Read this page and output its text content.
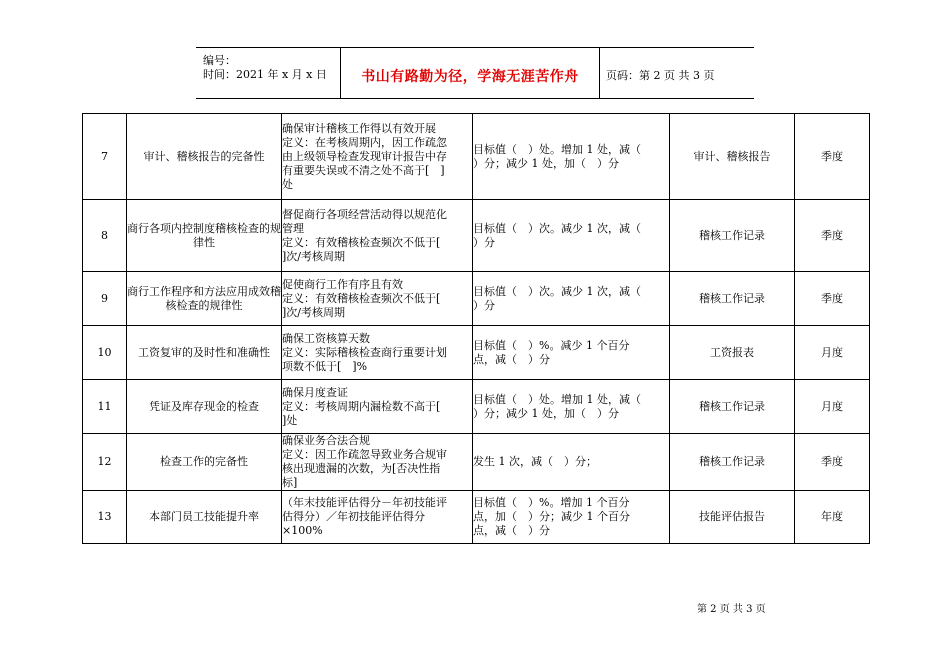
编号：
时间：2021 年 x 月 x 日	书山有路勤为径，学海无涯苦作舟	页码：第 2 页 共 3 页
7	审计、稽核报告的完备性	确保审计稽核工作得以有效开展
定义：在考核周期内，因工作疏忽
由上级领导检查发现审计报告中存
有重要失误或不清之处不高于[　]
处	目标值（　）处。增加 1 处，减（
）分；减少 1 处，加（　）分	审计、稽核报告	季度
8	商行各项内控制度稽核检查的规律性	督促商行各项经营活动得以规范化
管理
定义：有效稽核检查频次不低于[
]次/考核周期	目标值（　）次。减少 1 次，减（
）分	稽核工作记录	季度
9	商行工作程序和方法应用成效稽核检查的规律性	促使商行工作有序且有效
定义：有效稽核检查频次不低于[
]次/考核周期	目标值（　）次。减少 1 次，减（
）分	稽核工作记录	季度
10	工资复审的及时性和准确性	确保工资核算天数
定义：实际稽核检查商行重要计划
项数不低于[　]%	目标值（　）%。减少 1 个百分
点，减（　）分	工资报表	月度
11	凭证及库存现金的检查	确保月度查证
定义：考核周期内漏检数不高于[
]处	目标值（　）处。增加 1 处，减（
）分；减少 1 处，加（　）分	稽核工作记录	月度
12	检查工作的完备性	确保业务合法合规
定义：因工作疏忽导致业务合规审
核出现遗漏的次数，为[否决性指
标]	发生 1 次，减（　）分；	稽核工作记录	季度
13	本部门员工技能提升率	（年末技能评估得分－年初技能评
估得分）／年初技能评估得分
×100%	目标值（　）%。增加 1 个百分
点，加（　）分；减少 1 个百分
点，减（　）分	技能评估报告	年度
第 2 页 共 3 页
